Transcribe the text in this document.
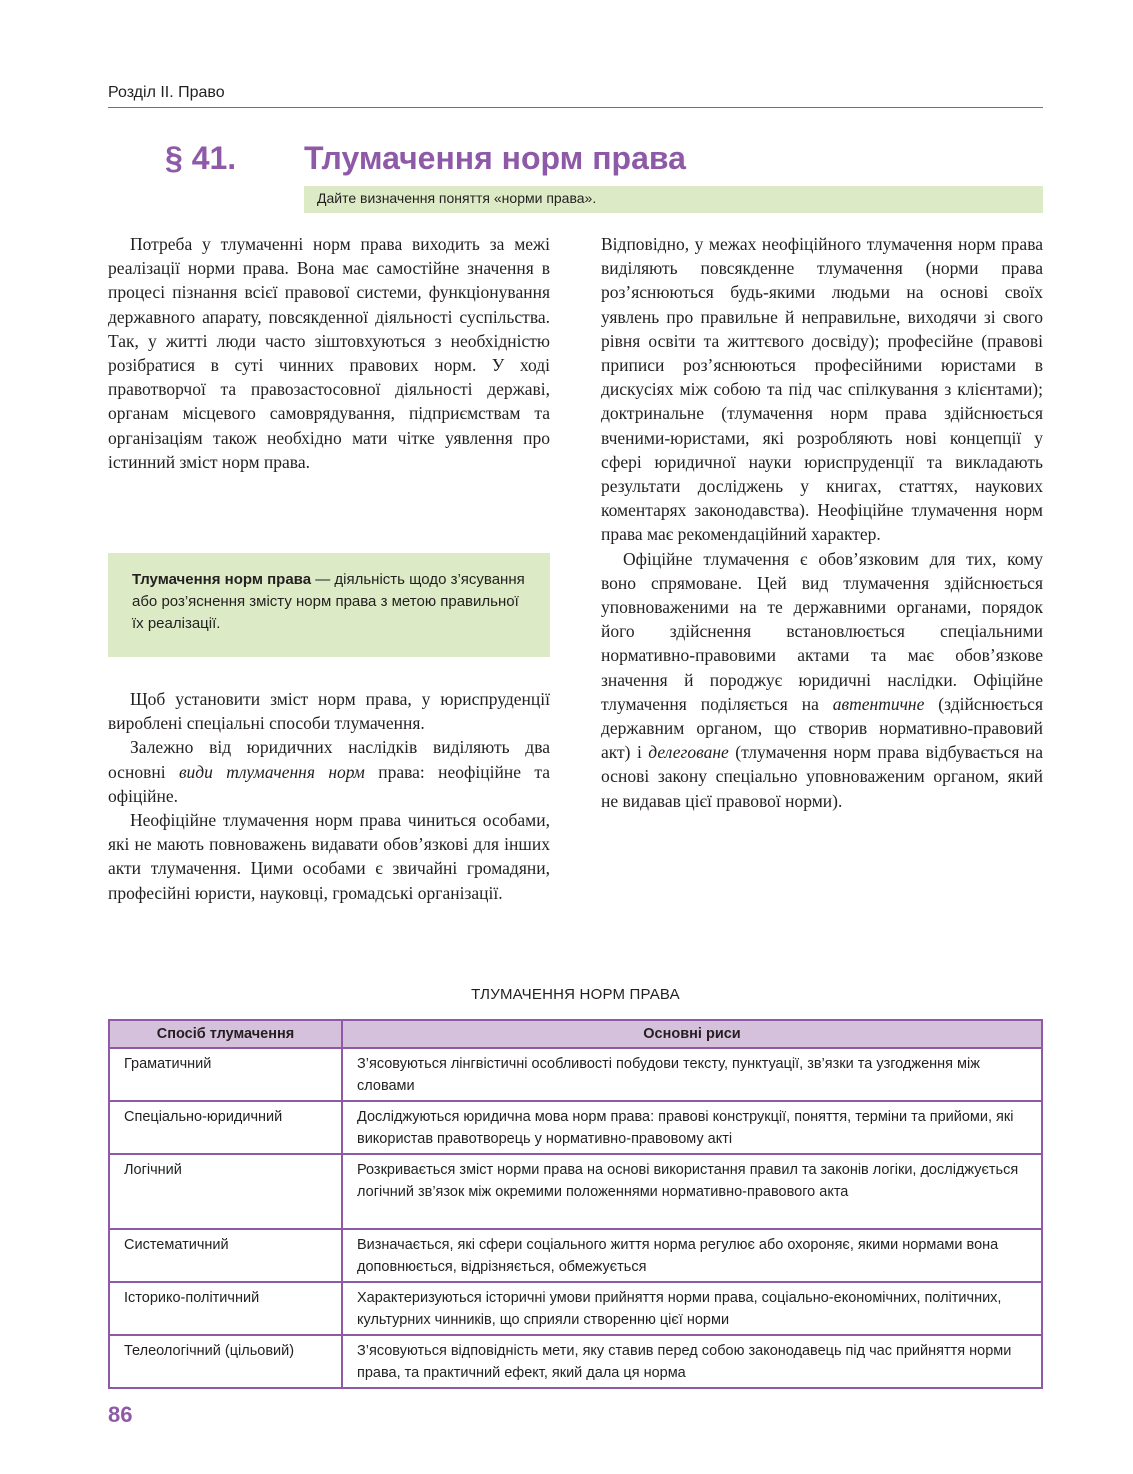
Розділ ІІ. Право
§ 41. Тлумачення норм права
Дайте визначення поняття «норми права».

Потреба у тлумаченні норм права виходить за межі реалізації норми права. Вона має самостійне значення в процесі пізнання всієї правової системи, функціонування державного апарату, повсякденної діяльності суспільства. Так, у житті люди часто зіштовхуються з необхідністю розібратися в суті чинних правових норм. У ході правотворчої та правозастосовної діяльності державі, органам місцевого самоврядування, підприємствам та організаціям також необхідно мати чітке уявлення про істинний зміст норм права.

Тлумачення норм права — діяльність щодо з’ясування або роз’яснення змісту норм права з метою правильної їх реалізації.

Щоб установити зміст норм права, у юриспруденції вироблені спеціальні способи тлумачення.

Залежно від юридичних наслідків виділяють два основні види тлумачення норм права: неофіційне та офіційне.

Неофіційне тлумачення норм права чиниться особами, які не мають повноважень видавати обов’язкові для інших акти тлумачення. Цими особами є звичайні громадяни, професійні юристи, науковці, громадські організації.

Відповідно, у межах неофіційного тлумачення норм права виділяють повсякденне тлумачення (норми права роз’яснюються будь-якими людьми на основі своїх уявлень про правильне й неправильне, виходячи зі свого рівня освіти та життєвого досвіду); професійне (правові приписи роз’яснюються професійними юристами в дискусіях між собою та під час спілкування з клієнтами); доктринальне (тлумачення норм права здійснюється вченими-юристами, які розробляють нові концепції у сфері юридичної науки юриспруденції та викладають результати досліджень у книгах, статтях, наукових коментарях законодавства). Неофіційне тлумачення норм права має рекомендаційний характер.

Офіційне тлумачення є обов’язковим для тих, кому воно спрямоване. Цей вид тлумачення здійснюється уповноваженими на те державними органами, порядок його здійснення встановлюється спеціальними нормативно-правовими актами та має обов’язкове значення й породжує юридичні наслідки. Офіційне тлумачення поділяється на автентичне (здійснюється державним органом, що створив нормативно-правовий акт) і делеговане (тлумачення норм права відбувається на основі закону спеціально уповноваженим органом, який не видавав цієї правової норми).

ТЛУМАЧЕННЯ НОРМ ПРАВА
Спосіб тлумачення	Основні риси
Граматичний	З’ясовуються лінгвістичні особливості побудови тексту, пунктуації, зв’язки та узгодження між словами
Спеціально-юридичний	Досліджуються юридична мова норм права: правові конструкції, поняття, терміни та прийоми, які використав правотворець у нормативно-правовому акті
Логічний	Розкривається зміст норми права на основі використання правил та законів логіки, досліджується логічний зв’язок між окремими положеннями нормативно-правового акта
Систематичний	Визначається, які сфери соціального життя норма регулює або охороняє, якими нормами вона доповнюється, відрізняється, обмежується
Історико-політичний	Характеризуються історичні умови прийняття норми права, соціально-економічних, політичних, культурних чинників, що сприяли створенню цієї норми
Телеологічний (цільовий)	З’ясовуються відповідність мети, яку ставив перед собою законодавець під час прийняття норми права, та практичний ефект, який дала ця норма
86
